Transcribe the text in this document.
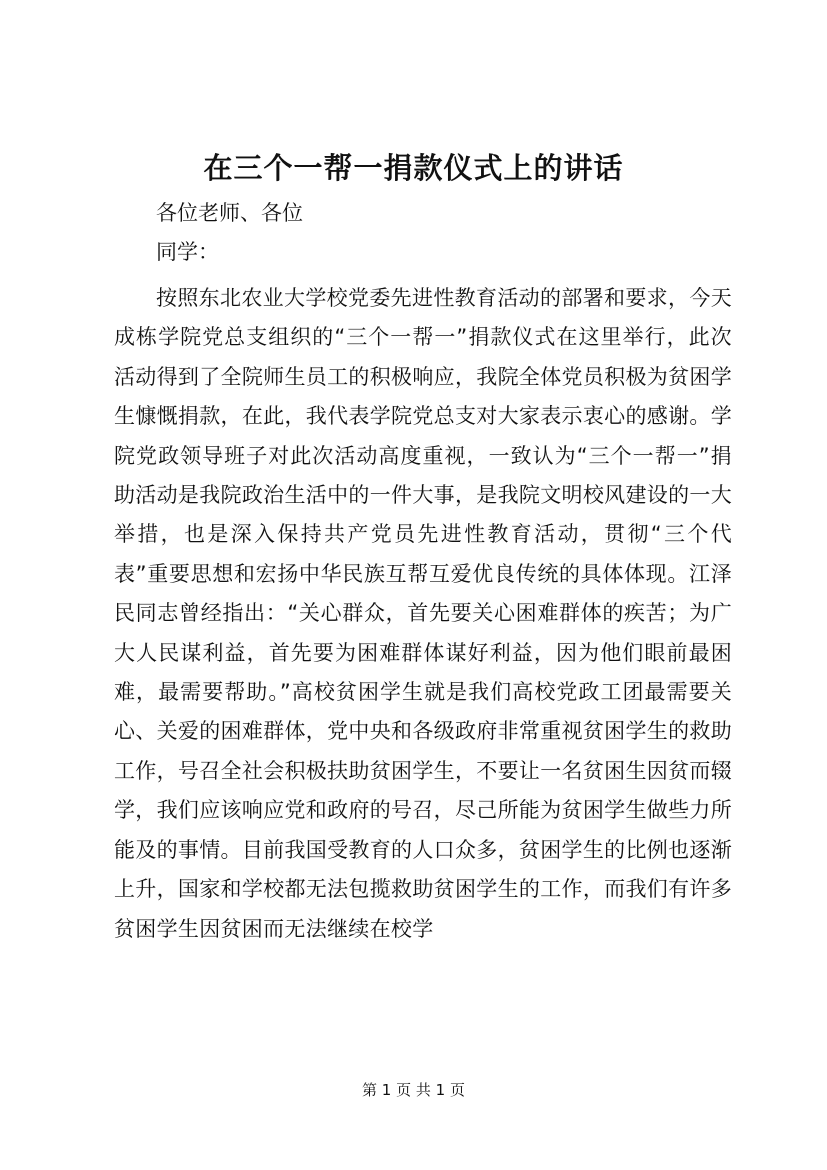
在三个一帮一捐款仪式上的讲话

各位老师、各位

同学：

按照东北农业大学校党委先进性教育活动的部署和要求，今天成栋学院党总支组织的“三个一帮一”捐款仪式在这里举行，此次活动得到了全院师生员工的积极响应，我院全体党员积极为贫困学生慷慨捐款，在此，我代表学院党总支对大家表示衷心的感谢。学院党政领导班子对此次活动高度重视，一致认为“三个一帮一”捐助活动是我院政治生活中的一件大事，是我院文明校风建设的一大举措，也是深入保持共产党员先进性教育活动，贯彻“三个代表”重要思想和宏扬中华民族互帮互爱优良传统的具体体现。江泽民同志曾经指出：“关心群众，首先要关心困难群体的疾苦；为广大人民谋利益，首先要为困难群体谋好利益，因为他们眼前最困难，最需要帮助。”高校贫困学生就是我们高校党政工团最需要关心、关爱的困难群体，党中央和各级政府非常重视贫困学生的救助工作，号召全社会积极扶助贫困学生，不要让一名贫困生因贫而辍学，我们应该响应党和政府的号召，尽己所能为贫困学生做些力所能及的事情。目前我国受教育的人口众多，贫困学生的比例也逐渐上升，国家和学校都无法包揽救助贫困学生的工作，而我们有许多贫困学生因贫困而无法继续在校学

第 1 页 共 1 页
